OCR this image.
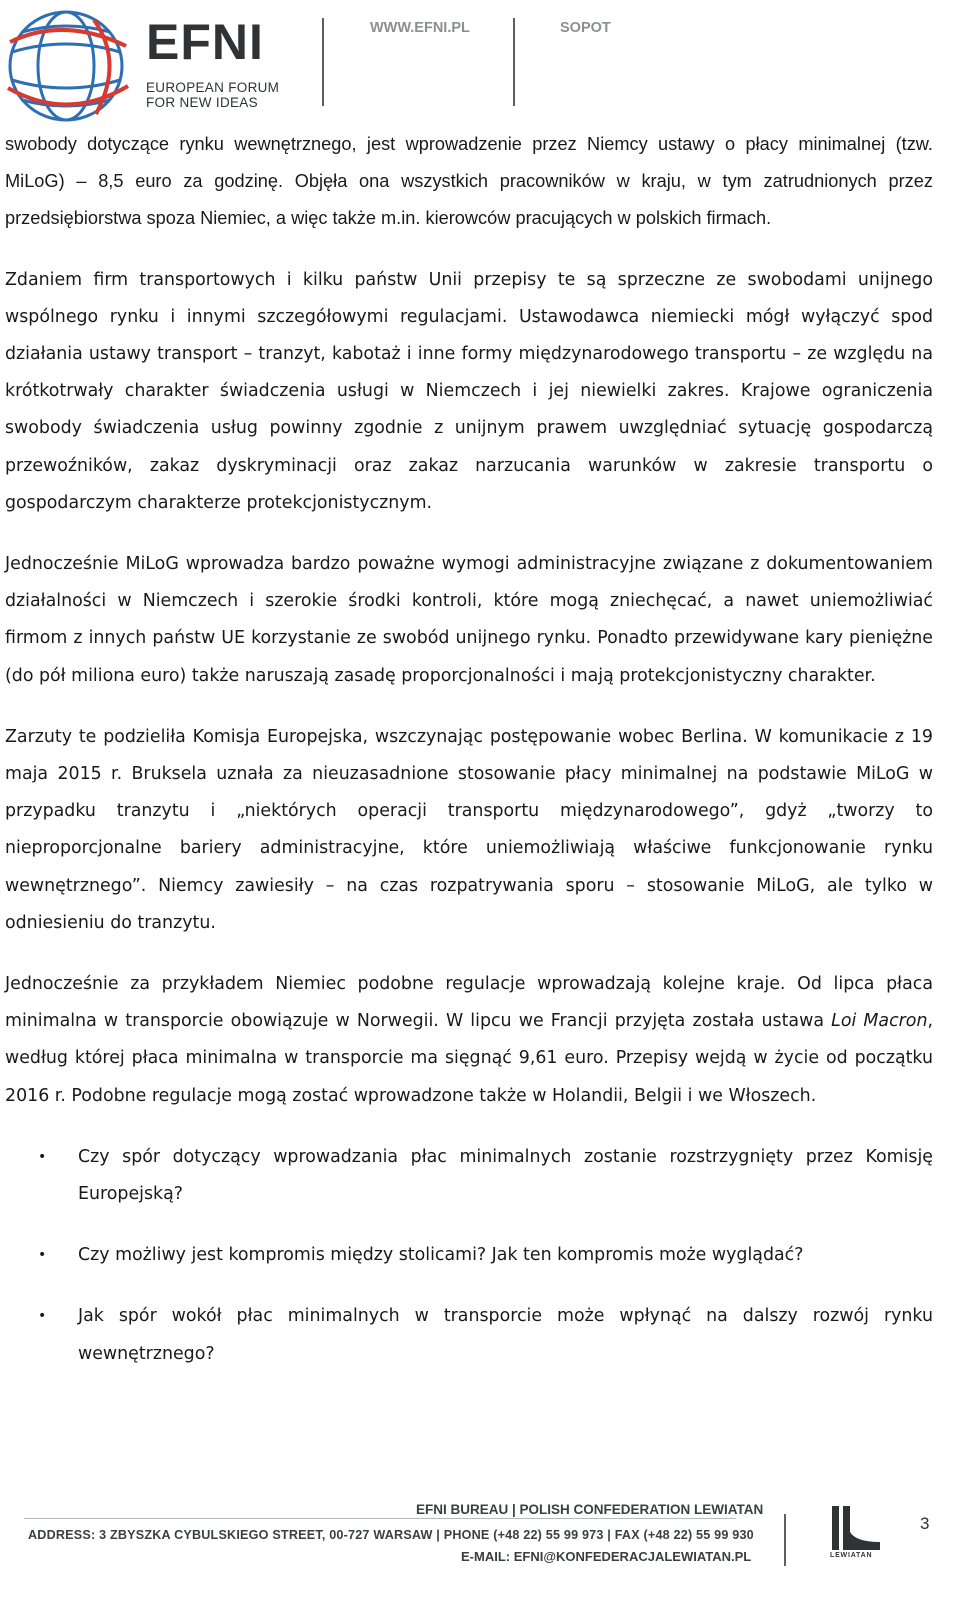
EFNI
EUROPEAN FORUM
FOR NEW IDEAS
WWW.EFNI.PL	SOPOT

swobody dotyczące rynku wewnętrznego, jest wprowadzenie przez Niemcy ustawy o płacy minimalnej (tzw. MiLoG) – 8,5 euro za godzinę. Objęła ona wszystkich pracowników w kraju, w tym zatrudnionych przez przedsiębiorstwa spoza Niemiec, a więc także m.in. kierowców pracujących w polskich firmach.

Zdaniem firm transportowych i kilku państw Unii przepisy te są sprzeczne ze swobodami unijnego wspólnego rynku i innymi szczegółowymi regulacjami. Ustawodawca niemiecki mógł wyłączyć spod działania ustawy transport – tranzyt, kabotaż i inne formy międzynarodowego transportu – ze względu na krótkotrwały charakter świadczenia usługi w Niemczech i jej niewielki zakres. Krajowe ograniczenia swobody świadczenia usług powinny zgodnie z unijnym prawem uwzględniać sytuację gospodarczą przewoźników, zakaz dyskryminacji oraz zakaz narzucania warunków w zakresie transportu o gospodarczym charakterze protekcjonistycznym.

Jednocześnie MiLoG wprowadza bardzo poważne wymogi administracyjne związane z dokumentowaniem działalności w Niemczech i szerokie środki kontroli, które mogą zniechęcać, a nawet uniemożliwiać firmom z innych państw UE korzystanie ze swobód unijnego rynku. Ponadto przewidywane kary pieniężne (do pół miliona euro) także naruszają zasadę proporcjonalności i mają protekcjonistyczny charakter.

Zarzuty te podzieliła Komisja Europejska, wszczynając postępowanie wobec Berlina. W komunikacie z 19 maja 2015 r. Bruksela uznała za nieuzasadnione stosowanie płacy minimalnej na podstawie MiLoG w przypadku tranzytu i „niektórych operacji transportu międzynarodowego”, gdyż „tworzy to nieproporcjonalne bariery administracyjne, które uniemożliwiają właściwe funkcjonowanie rynku wewnętrznego”. Niemcy zawiesiły – na czas rozpatrywania sporu – stosowanie MiLoG, ale tylko w odniesieniu do tranzytu.

Jednocześnie za przykładem Niemiec podobne regulacje wprowadzają kolejne kraje. Od lipca płaca minimalna w transporcie obowiązuje w Norwegii. W lipcu we Francji przyjęta została ustawa Loi Macron, według której płaca minimalna w transporcie ma sięgnąć 9,61 euro. Przepisy wejdą w życie od początku 2016 r. Podobne regulacje mogą zostać wprowadzone także w Holandii, Belgii i we Włoszech.

• Czy spór dotyczący wprowadzania płac minimalnych zostanie rozstrzygnięty przez Komisję Europejską?
• Czy możliwy jest kompromis między stolicami? Jak ten kompromis może wyglądać?
• Jak spór wokół płac minimalnych w transporcie może wpłynąć na dalszy rozwój rynku wewnętrznego?
EFNI BUREAU | POLISH CONFEDERATION LEWIATAN
ADDRESS: 3 ZBYSZKA CYBULSKIEGO STREET, 00-727 WARSAW | PHONE (+48 22) 55 99 973 | FAX (+48 22) 55 99 930
E-MAIL: EFNI@KONFEDERACJALEWIATAN.PL	LEWIATAN
3
